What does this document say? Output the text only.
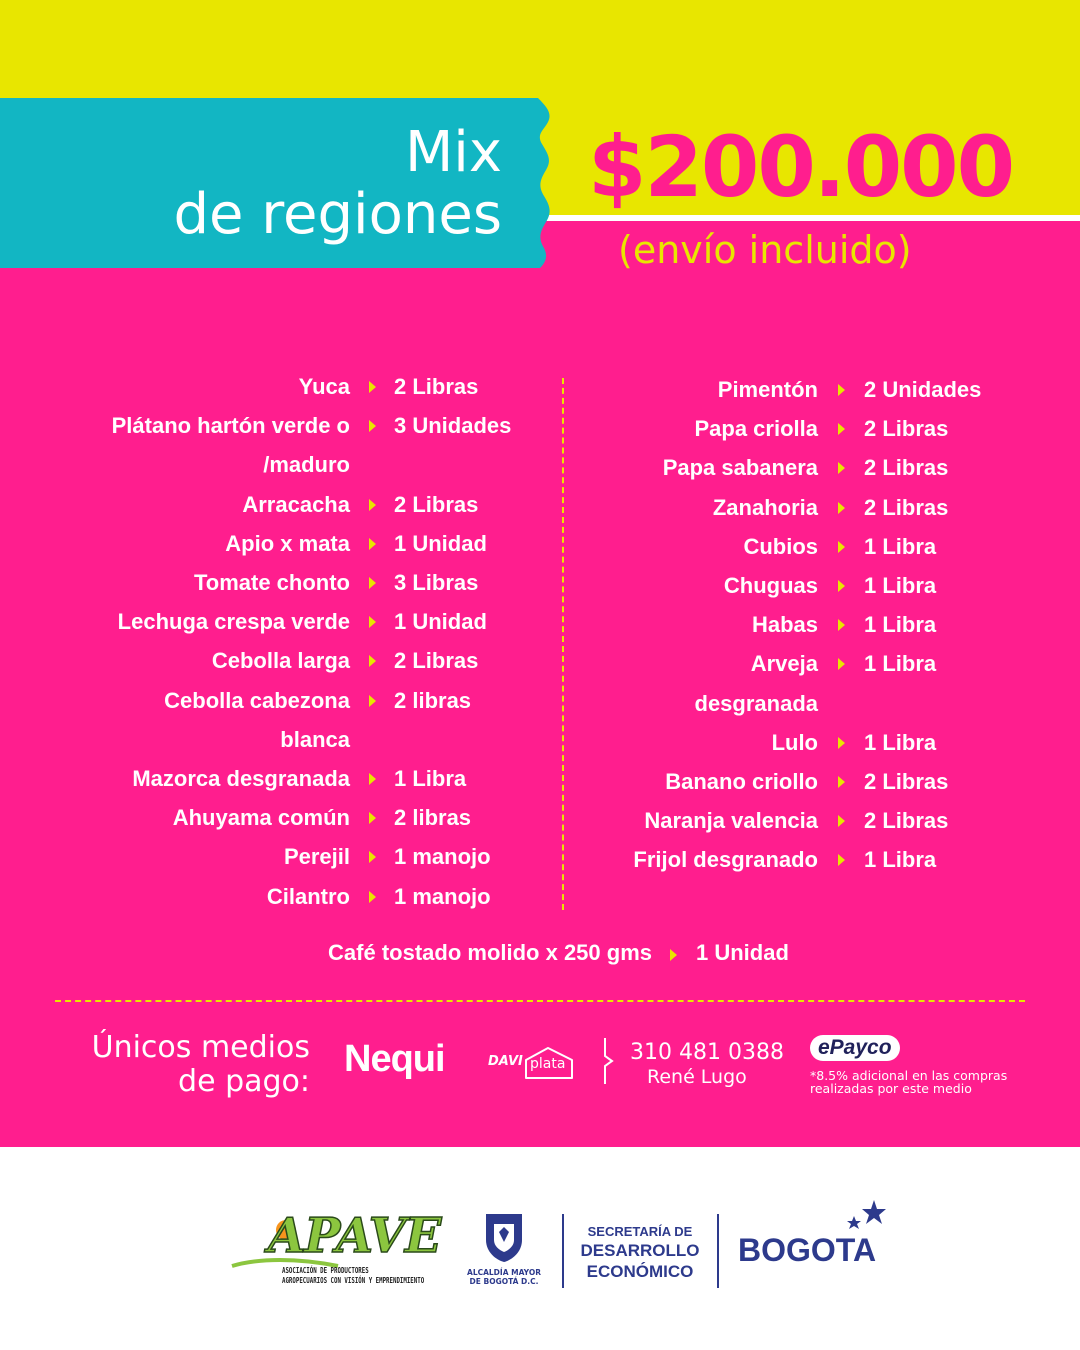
Mix
de regiones $200.000
(envío incluido)
Yuca 2 Libras
Plátano hartón verde o
/maduro
3 Unidades
Arracacha 2 Libras
Apio x mata 1 Unidad
Tomate chonto 3 Libras
Lechuga crespa verde 1 Unidad
Cebolla larga 2 Libras
Cebolla cabezona
blanca
2 libras
Mazorca desgranada 1 Libra
Ahuyama común 2 libras
Perejil 1 manojo
Cilantro 1 manojo
Pimentón 2 Unidades
Papa criolla 2 Libras
Papa sabanera 2 Libras
Zanahoria 2 Libras
Cubios 1 Libra
Chuguas 1 Libra
Habas 1 Libra
Arveja
desgranada
1 Libra
Lulo 1 Libra
Banano criollo 2 Libras
Naranja valencia 2 Libras
Frijol desgranado 1 Libra
Café tostado molido x 250 gms 1 Unidad
Únicos medios
de pago:
Nequi	DAVI plata	310 481 0388
René Lugo
ePayco
*8.5% adicional en las compras realizadas por este medio
APAVE
ASOCIACIÓN DE PRODUCTORES
AGROPECUARIOS CON VISIÓN Y EMPRENDIMIENTO
ALCALDÍA MAYOR
DE BOGOTÁ D.C.
SECRETARÍA DE
DESARROLLO
ECONÓMICO
BOGOTA
